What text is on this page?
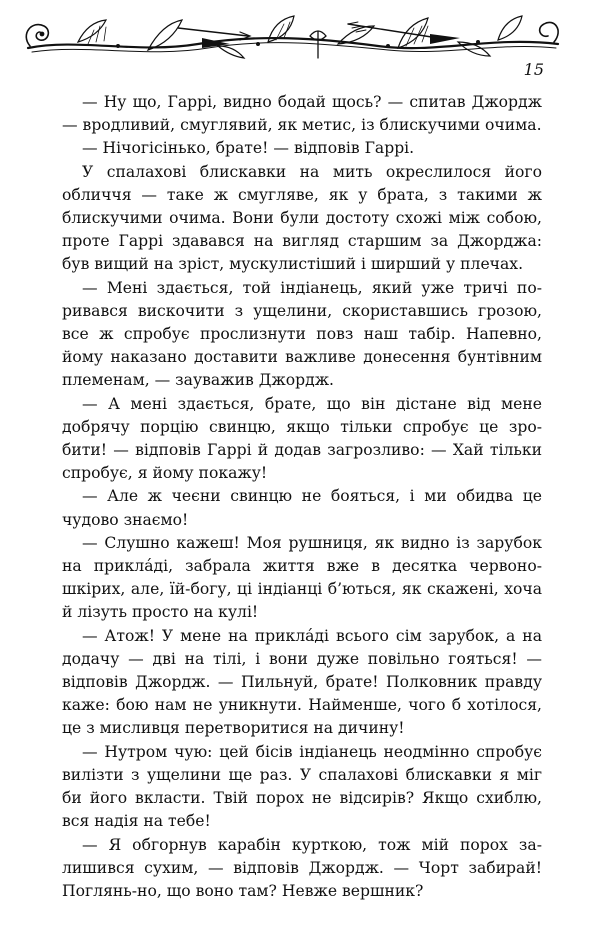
15

— Ну що, Гаррі, видно бодай щось? — спитав Джордж — вродливий, смуглявий, як метис, із блискучими очима.

— Нічогісінько, брате! — відповів Гаррі.

У спалахові блискавки на мить окреслилося його обличчя — таке ж смугляве, як у брата, з такими ж блискучими очима. Вони були достоту схожі між собою, проте Гаррі здавався на вигляд старшим за Джорджа: був вищий на зріст, мускулистіший і ширший у плечах.

— Мені здається, той індіанець, який уже тричі поривався вискочити з ущелини, скориставшись грозою, все ж спробує прослизнути повз наш табір. Напевно, йому наказано доставити важливе донесення бунтівним племенам, — зауважив Джордж.

— А мені здається, брате, що він дістане від мене добрячу порцію свинцю, якщо тільки спробує це зробити! — відповів Гаррі й додав загрозливо: — Хай тільки спробує, я йому покажу!

— Але ж чеєни свинцю не бояться, і ми обидва це чудово знаємо!

— Слушно кажеш! Моя рушниця, як видно із зарубок на прикла́ді, забрала життя вже в десятка червоношкірих, але, їй-богу, ці індіанці б’ються, як скажені, хоча й лізуть просто на кулі!

— Атож! У мене на прикла́ді всього сім зарубок, а на додачу — дві на тілі, і вони дуже повільно гояться! — відповів Джордж. — Пильнуй, брате! Полковник правду каже: бою нам не уникнути. Найменше, чого б хотілося, це з мисливця перетворитися на дичину!

— Нутром чую: цей бісів індіанець неодмінно спробує вилізти з ущелини ще раз. У спалахові блискавки я міг би його вкласти. Твій порох не відсирів? Якщо схиблю, вся надія на тебе!

— Я обгорнув карабін курткою, тож мій порох залишився сухим, — відповів Джордж. — Чорт забирай! Поглянь-но, що воно там? Невже вершник?
